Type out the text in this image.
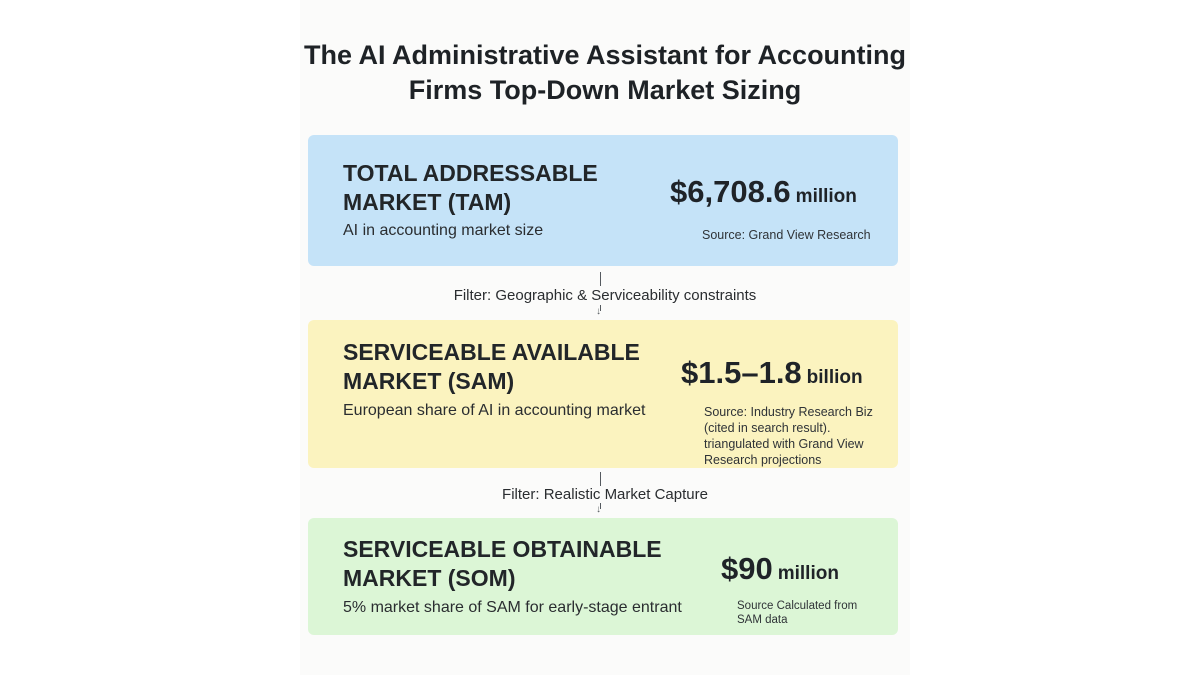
The AI Administrative Assistant for Accounting
Firms Top-Down Market Sizing
TOTAL ADDRESSABLE
MARKET (TAM)
AI in accounting market size
$6,708.6 million
Source: Grand View Research
Filter: Geographic & Serviceability constraints
↓
SERVICEABLE AVAILABLE
MARKET (SAM)
European share of AI in accounting market
$1.5–1.8 billion
Source: Industry Research Biz
(cited in search result).
triangulated with Grand View
Research projections
Filter: Realistic Market Capture
↓
SERVICEABLE OBTAINABLE
MARKET (SOM)
5% market share of SAM for early-stage entrant
$90 million
Source Calculated from
SAM data
